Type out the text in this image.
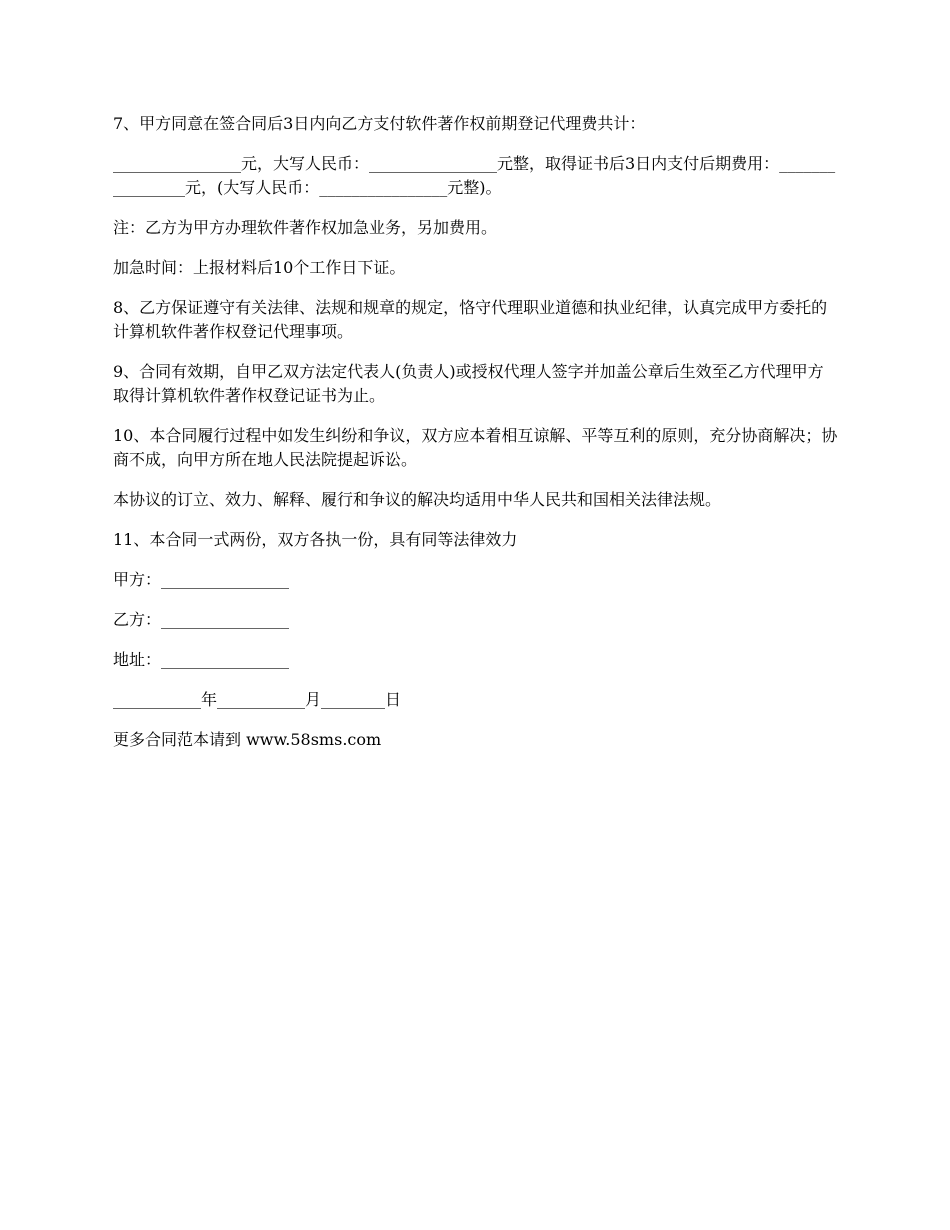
7、甲方同意在签合同后3日内向乙方支付软件著作权前期登记代理费共计：

________________元，大写人民币：________________元整，取得证书后3日内支付后期费用：________________元，(大写人民币：________________元整)。

注：乙方为甲方办理软件著作权加急业务，另加费用。

加急时间：上报材料后10个工作日下证。

8、乙方保证遵守有关法律、法规和规章的规定，恪守代理职业道德和执业纪律，认真完成甲方委托的计算机软件著作权登记代理事项。

9、合同有效期，自甲乙双方法定代表人(负责人)或授权代理人签字并加盖公章后生效至乙方代理甲方取得计算机软件著作权登记证书为止。

10、本合同履行过程中如发生纠纷和争议，双方应本着相互谅解、平等互利的原则，充分协商解决；协商不成，向甲方所在地人民法院提起诉讼。

本协议的订立、效力、解释、履行和争议的解决均适用中华人民共和国相关法律法规。

11、本合同一式两份，双方各执一份，具有同等法律效力

甲方：________________

乙方：________________

地址：________________

___________年___________月________日

更多合同范本请到 www.58sms.com
